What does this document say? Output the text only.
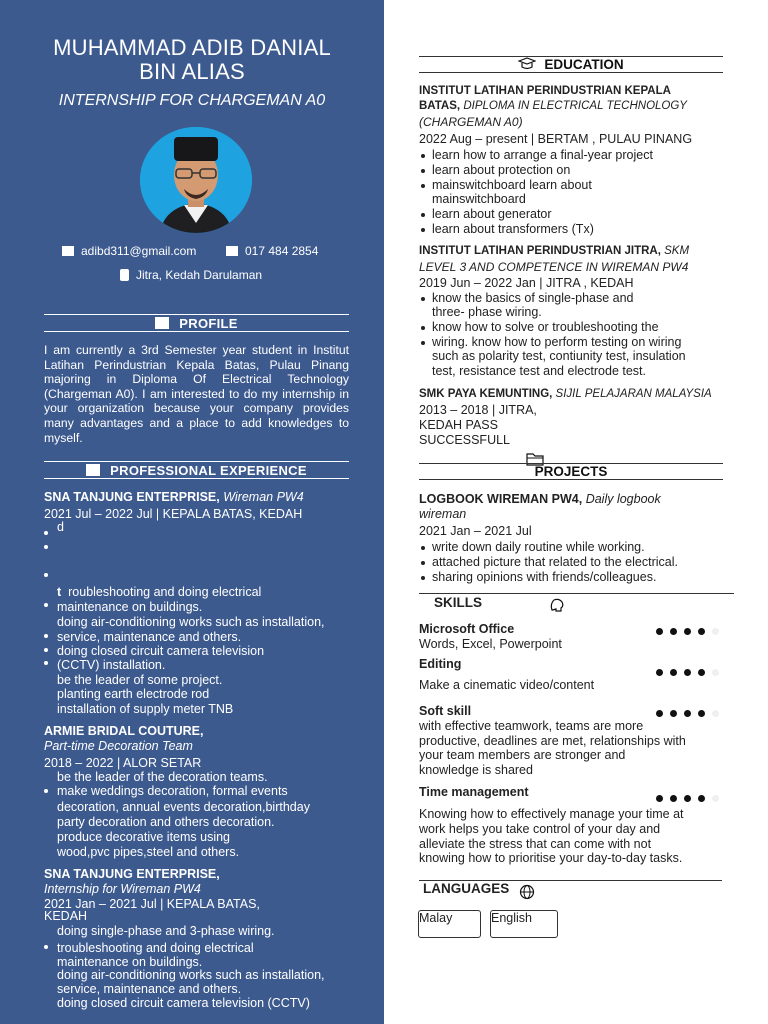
MUHAMMAD ADIB DANIAL
BIN ALIAS
INTERNSHIP FOR CHARGEMAN A0
adibd311@gmail.com	017 484 2854
Jitra, Kedah Darulaman
PROFILE
I am currently a 3rd Semester year student in Institut Latihan Perindustrian Kepala Batas, Pulau Pinang majoring in Diploma Of Electrical Technology (Chargeman A0). I am interested to do my internship in your organization because your company provides many advantages and a place to add knowledges to myself.
PROFESSIONAL EXPERIENCE
SNA TANJUNG ENTERPRISE, Wireman PW4
2021 Jul – 2022 Jul | KEPALA BATAS, KEDAH
d
t roubleshooting and doing electrical
maintenance on buildings.
doing air-conditioning works such as installation,
service, maintenance and others.
doing closed circuit camera television
(CCTV) installation.
be the leader of some project.
planting earth electrode rod
installation of supply meter TNB
ARMIE BRIDAL COUTURE,
Part-time Decoration Team
2018 – 2022 | ALOR SETAR
be the leader of the decoration teams.
make weddings decoration, formal events
decoration, annual events decoration,birthday
party decoration and others decoration.
produce decorative items using
wood,pvc pipes,steel and others.
SNA TANJUNG ENTERPRISE,
Internship for Wireman PW4
2021 Jan – 2021 Jul | KEPALA BATAS,
KEDAH
doing single-phase and 3-phase wiring.
troubleshooting and doing electrical
maintenance on buildings.
doing air-conditioning works such as installation,
service, maintenance and others.
doing closed circuit camera television (CCTV)
EDUCATION
INSTITUT LATIHAN PERINDUSTRIAN KEPALA
BATAS, DIPLOMA IN ELECTRICAL TECHNOLOGY
(CHARGEMAN A0)
2022 Aug – present | BERTAM , PULAU PINANG
learn how to arrange a final-year project
learn about protection on
mainswitchboard learn about
mainswitchboard
learn about generator
learn about transformers (Tx)
INSTITUT LATIHAN PERINDUSTRIAN JITRA, SKM
LEVEL 3 AND COMPETENCE IN WIREMAN PW4
2019 Jun – 2022 Jan | JITRA , KEDAH
know the basics of single-phase and
three- phase wiring.
know how to solve or troubleshooting the
wiring. know how to perform testing on wiring
such as polarity test, contiunity test, insulation
test, resistance test and electrode test.
SMK PAYA KEMUNTING, SIJIL PELAJARAN MALAYSIA
2013 – 2018 | JITRA,
KEDAH PASS
SUCCESSFULL
PROJECTS
LOGBOOK WIREMAN PW4, Daily logbook
wireman
2021 Jan – 2021 Jul
write down daily routine while working.
attached picture that related to the electrical.
sharing opinions with friends/colleagues.
SKILLS
Microsoft Office
Words, Excel, Powerpoint
Editing
Make a cinematic video/content
Soft skill
with effective teamwork, teams are more
productive, deadlines are met, relationships with
your team members are stronger and
knowledge is shared
Time management
Knowing how to effectively manage your time at
work helps you take control of your day and
alleviate the stress that can come with not
knowing how to prioritise your day-to-day tasks.
LANGUAGES
Malay	English
